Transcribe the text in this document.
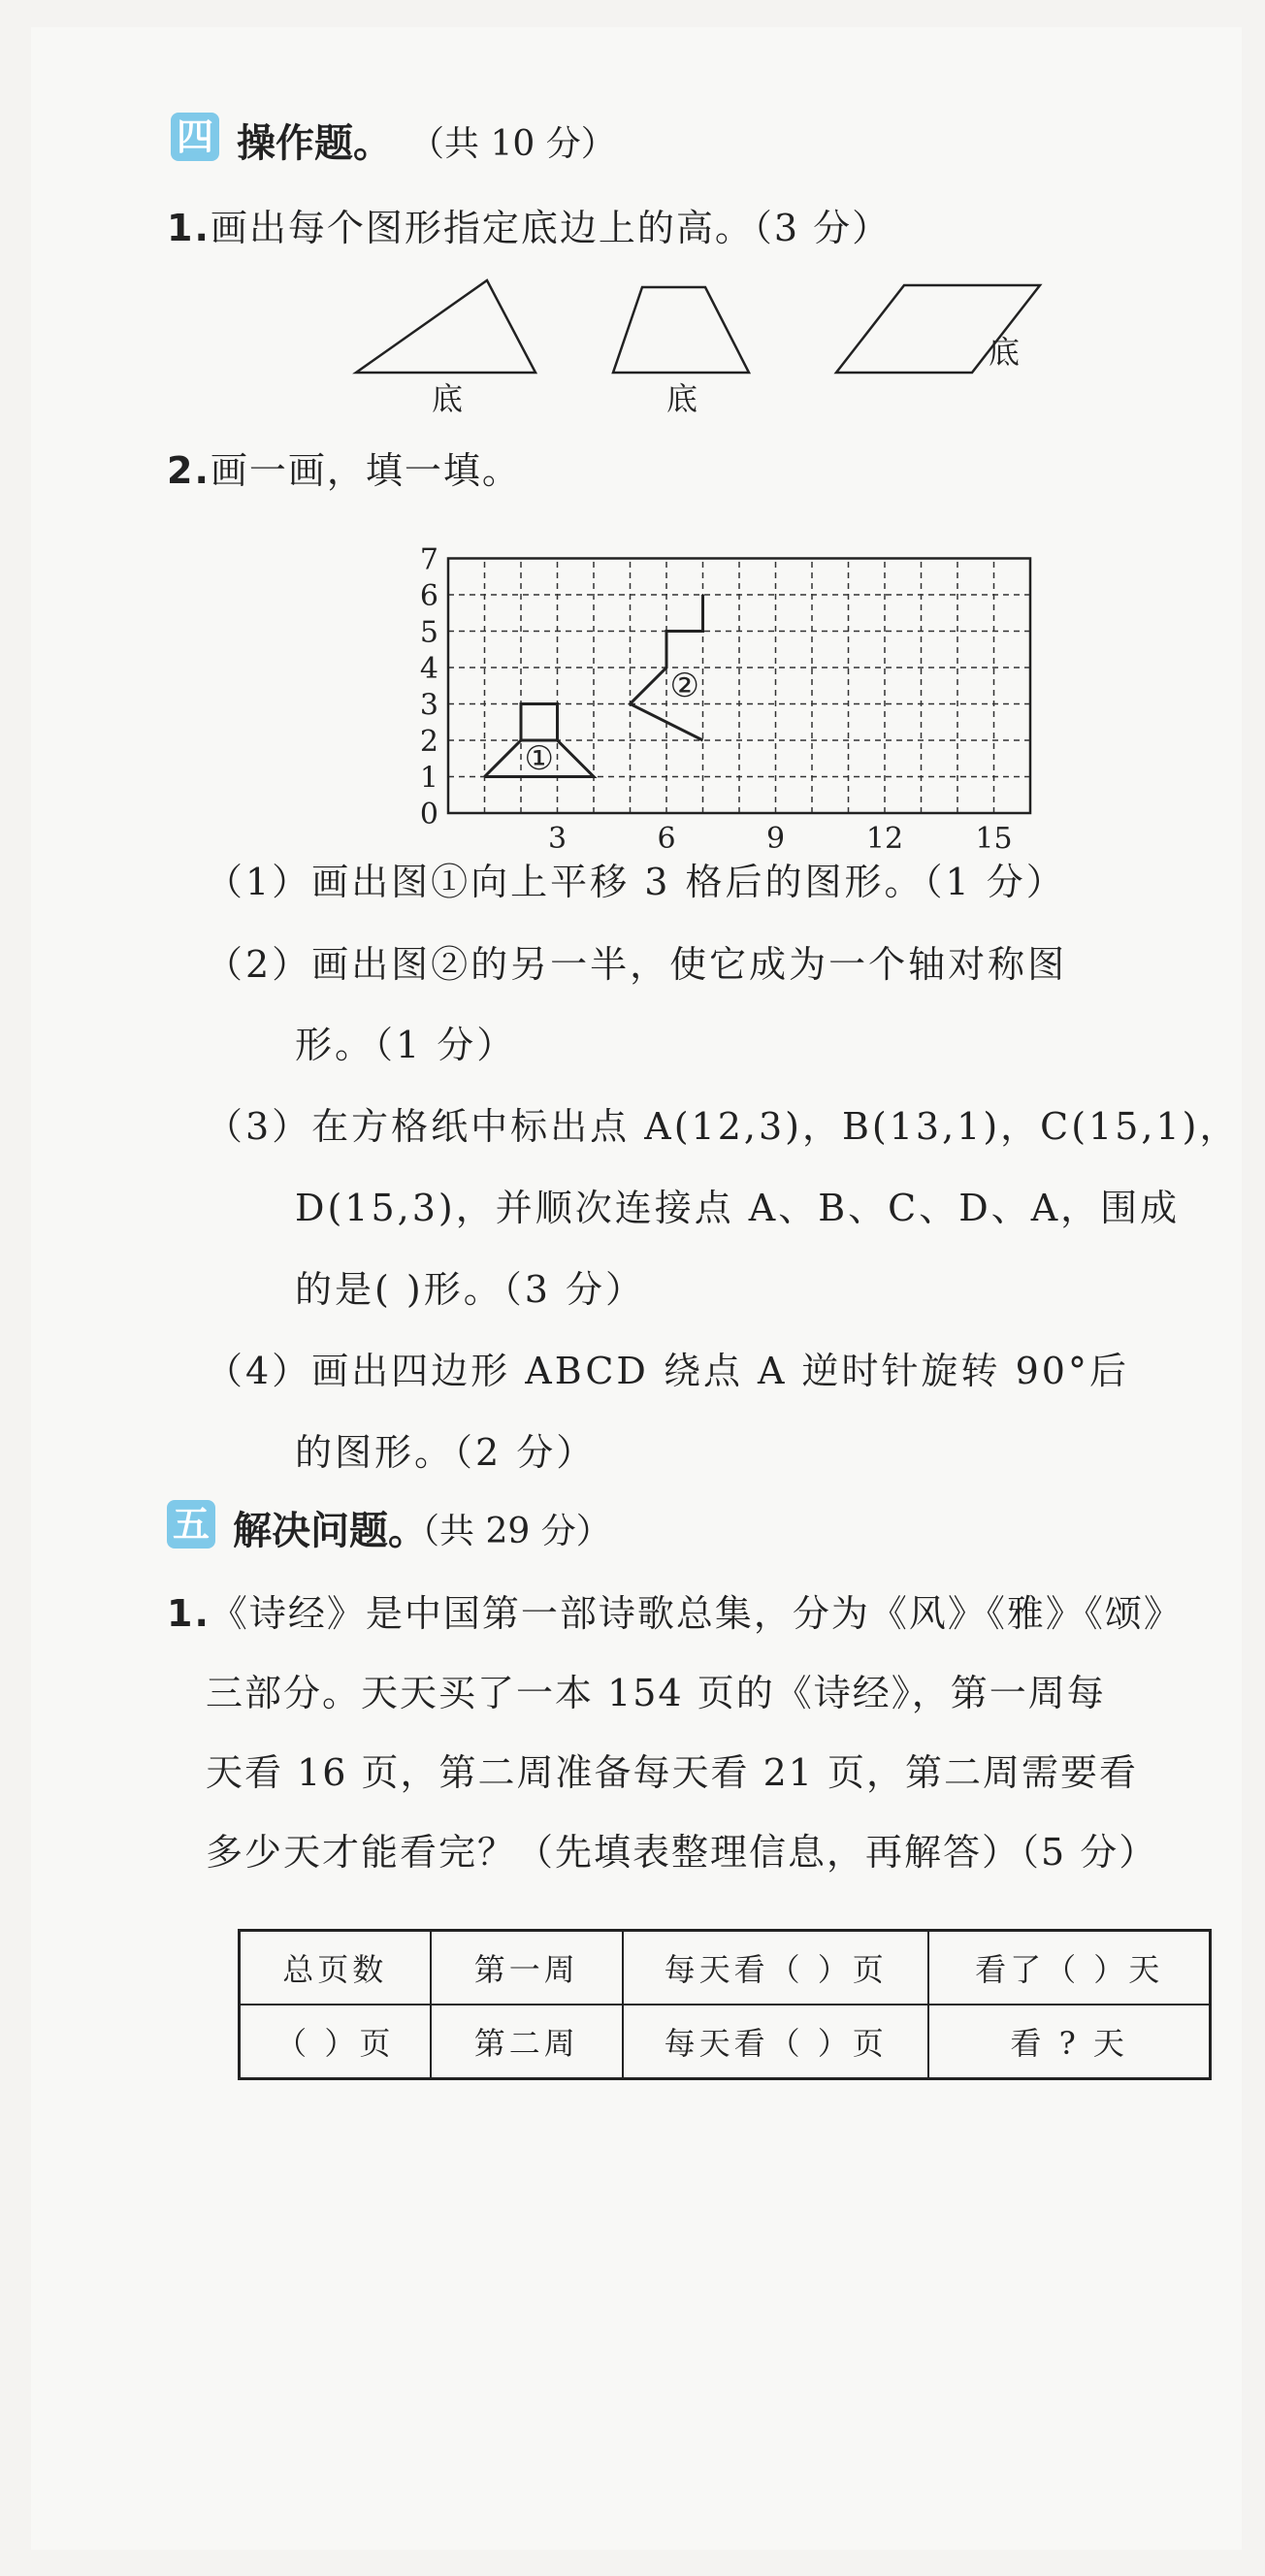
四 操作题。 （共 10 分）
1.画出每个图形指定底边上的高。（3 分）
底	底
底
2.画一画，填一填。
0
1
2
3
4
5
6
7
3	6	9	12 15
①
②
（1）画出图①向上平移 3 格后的图形。（1 分）
（2）画出图②的另一半，使它成为一个轴对称图
形。（1 分）
（3）在方格纸中标出点 A(12,3)，B(13,1)，C(15,1)，
D(15,3)，并顺次连接点 A、B、C、D、A，围成
的是( )形。（3 分）
（4）画出四边形 ABCD 绕点 A 逆时针旋转 90°后
的图形。（2 分）
五 解决问题。
（共 29 分）
1.《诗经》是中国第一部诗歌总集，分为《风》《雅》《颂》
三部分。天天买了一本 154 页的《诗经》，第一周每
天看 16 页，第二周准备每天看 21 页，第二周需要看
多少天才能看完？（先填表整理信息，再解答）（5 分）
总页数	第一周	每天看（ ）页	看了（ ）天
（ ）页	第二周	每天看（ ）页	看 ? 天
